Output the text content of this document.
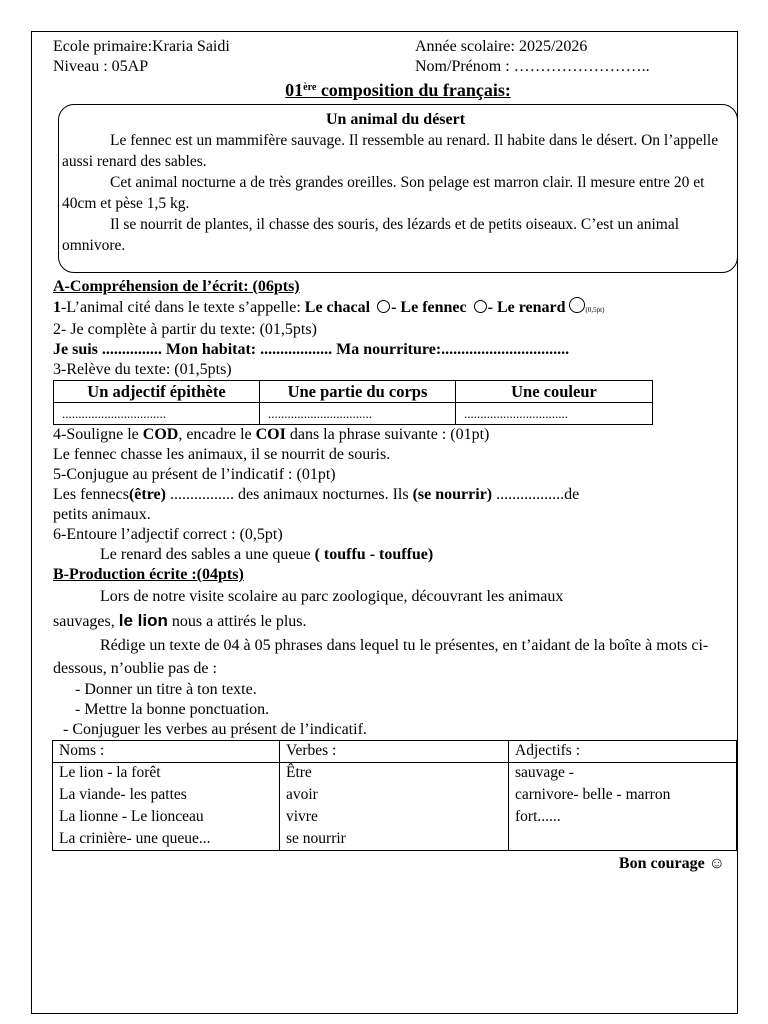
Ecole primaire:Kraria Saidi	Année scolaire: 2025/2026
Niveau : 05AP	Nom/Prénom : ……………………..
01ère composition du français:
Un animal du désert

Le fennec est un mammifère sauvage. Il ressemble au renard. Il habite dans le désert. On l’appelle aussi renard des sables.

Cet animal nocturne a de très grandes oreilles. Son pelage est marron clair. Il mesure entre 20 et 40cm et pèse 1,5 kg.

Il se nourrit de plantes, il chasse des souris, des lézards et de petits oiseaux. C’est un animal omnivore.

A-Compréhension de l’écrit: (06pts)
1-L’animal cité dans le texte s’appelle: Le chacal - Le fennec - Le renard	(0,5pt)
2- Je complète à partir du texte: (01,5pts)
Je suis ............... Mon habitat: .................. Ma nourriture:................................
3-Relève du texte: (01,5pts)
Un adjectif épithète	Une partie du corps	Une couleur
................................	................................	................................
4-Souligne le COD, encadre le COI dans la phrase suivante : (01pt)
Le fennec chasse les animaux, il se nourrit de souris.
5-Conjugue au présent de l’indicatif : (01pt)
Les fennecs(être) ................ des animaux nocturnes. Ils (se nourrir) .................de
petits animaux.
6-Entoure l’adjectif correct : (0,5pt)
Le renard des sables a une queue ( touffu - touffue)
B-Production écrite :(04pts)

Lors de notre visite scolaire au parc zoologique, découvrant les animaux

sauvages, le lion nous a attirés le plus.

Rédige un texte de 04 à 05 phrases dans lequel tu le présentes, en t’aidant de la boîte à mots ci-dessous, n’oublie pas de :

- Donner un titre à ton texte.
- Mettre la bonne ponctuation.
- Conjuguer les verbes au présent de l’indicatif.
Noms :	Verbes :	Adjectifs :
Le lion - la forêt	Être	sauvage -
La viande- les pattes	avoir	carnivore- belle - marron
La lionne - Le lionceau	vivre	fort......
La crinière- une queue...	se nourrir	
Bon courage ☺
